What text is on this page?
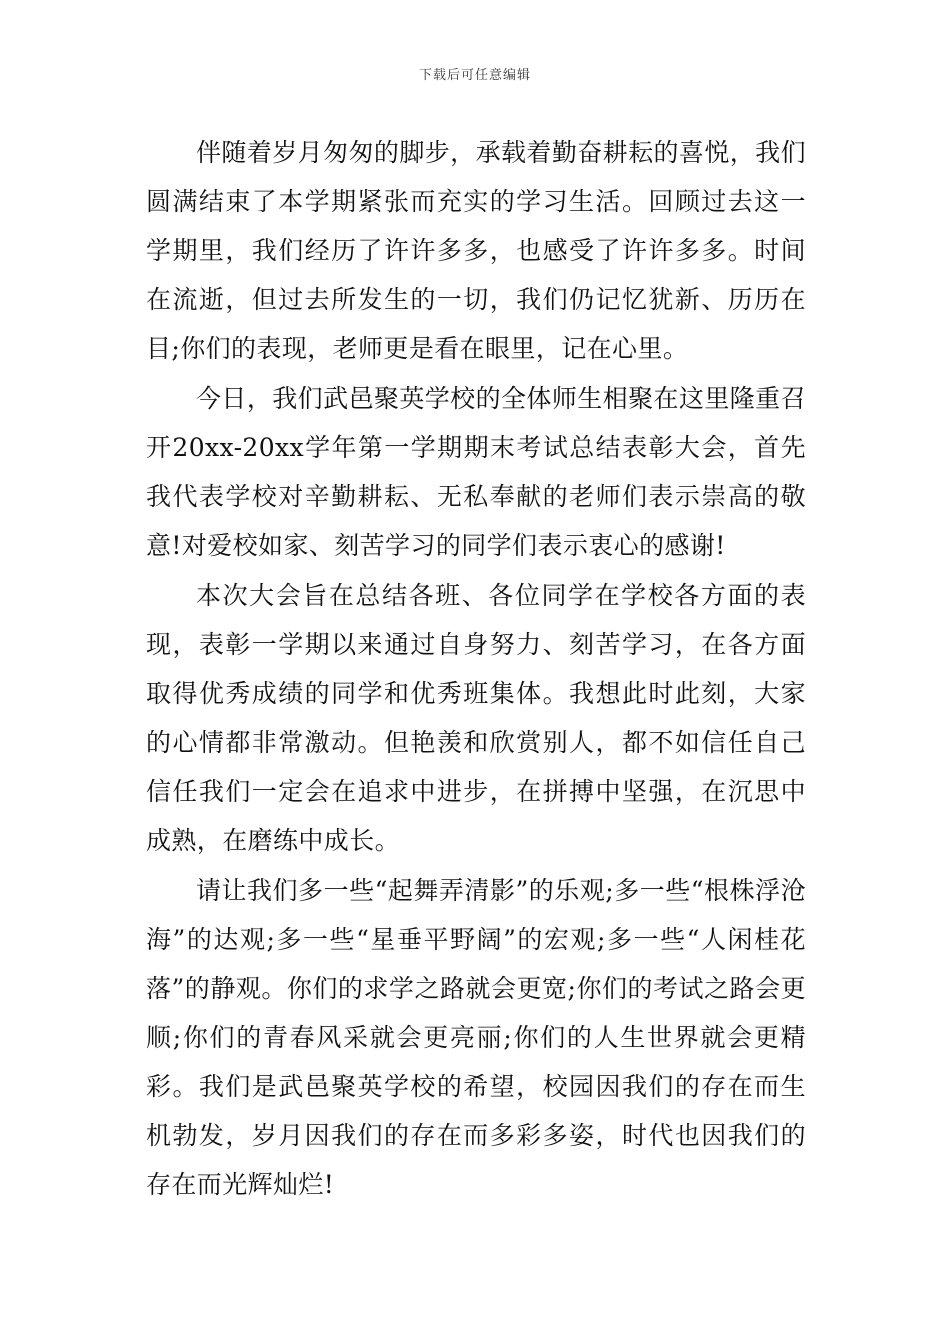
下载后可任意编辑

伴随着岁月匆匆的脚步，承载着勤奋耕耘的喜悦，我们圆满结束了本学期紧张而充实的学习生活。回顾过去这一学期里，我们经历了许许多多，也感受了许许多多。时间在流逝，但过去所发生的一切，我们仍记忆犹新、历历在目;你们的表现，老师更是看在眼里，记在心里。

今日，我们武邑聚英学校的全体师生相聚在这里隆重召开20xx-20xx学年第一学期期末考试总结表彰大会，首先我代表学校对辛勤耕耘、无私奉献的老师们表示崇高的敬意!对爱校如家、刻苦学习的同学们表示衷心的感谢!

本次大会旨在总结各班、各位同学在学校各方面的表现，表彰一学期以来通过自身努力、刻苦学习，在各方面取得优秀成绩的同学和优秀班集体。我想此时此刻，大家的心情都非常激动。但艳羡和欣赏别人，都不如信任自己信任我们一定会在追求中进步，在拼搏中坚强，在沉思中成熟，在磨练中成长。

请让我们多一些“起舞弄清影”的乐观;多一些“根株浮沧海”的达观;多一些“星垂平野阔”的宏观;多一些“人闲桂花落”的静观。你们的求学之路就会更宽;你们的考试之路会更顺;你们的青春风采就会更亮丽;你们的人生世界就会更精彩。我们是武邑聚英学校的希望，校园因我们的存在而生机勃发，岁月因我们的存在而多彩多姿，时代也因我们的存在而光辉灿烂!
